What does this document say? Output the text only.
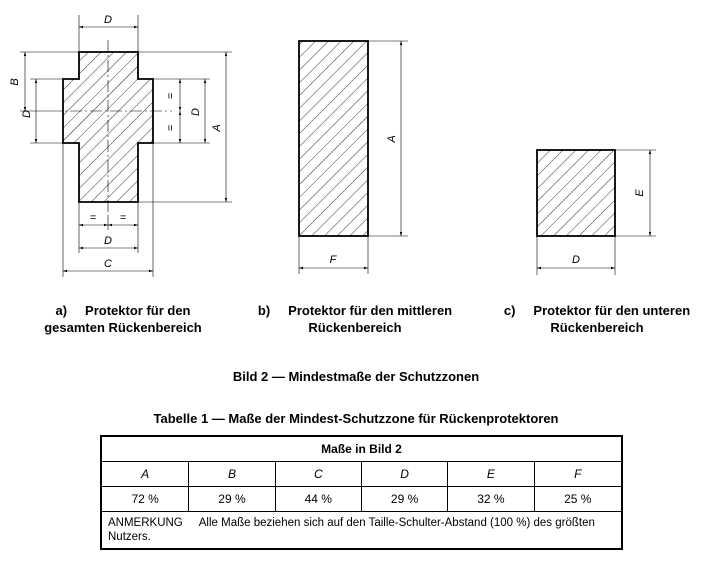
D
B
D
=
=
D
A
= =
D
C
A
F
E
D
a) Protektor für den
gesamten Rückenbereich
b) Protektor für den mittleren
Rückenbereich
c) Protektor für den unteren
Rückenbereich
Bild 2 — Mindestmaße der Schutzzonen
Tabelle 1 — Maße der Mindest-Schutzzone für Rückenprotektoren
Maße in Bild 2					
A	B	C	D	E	F
72 %	29 %	44 %	29 %	32 %	25 %
ANMERKUNG Alle Maße beziehen sich auf den Taille-Schulter-Abstand (100 %) des größten Nutzers.					
